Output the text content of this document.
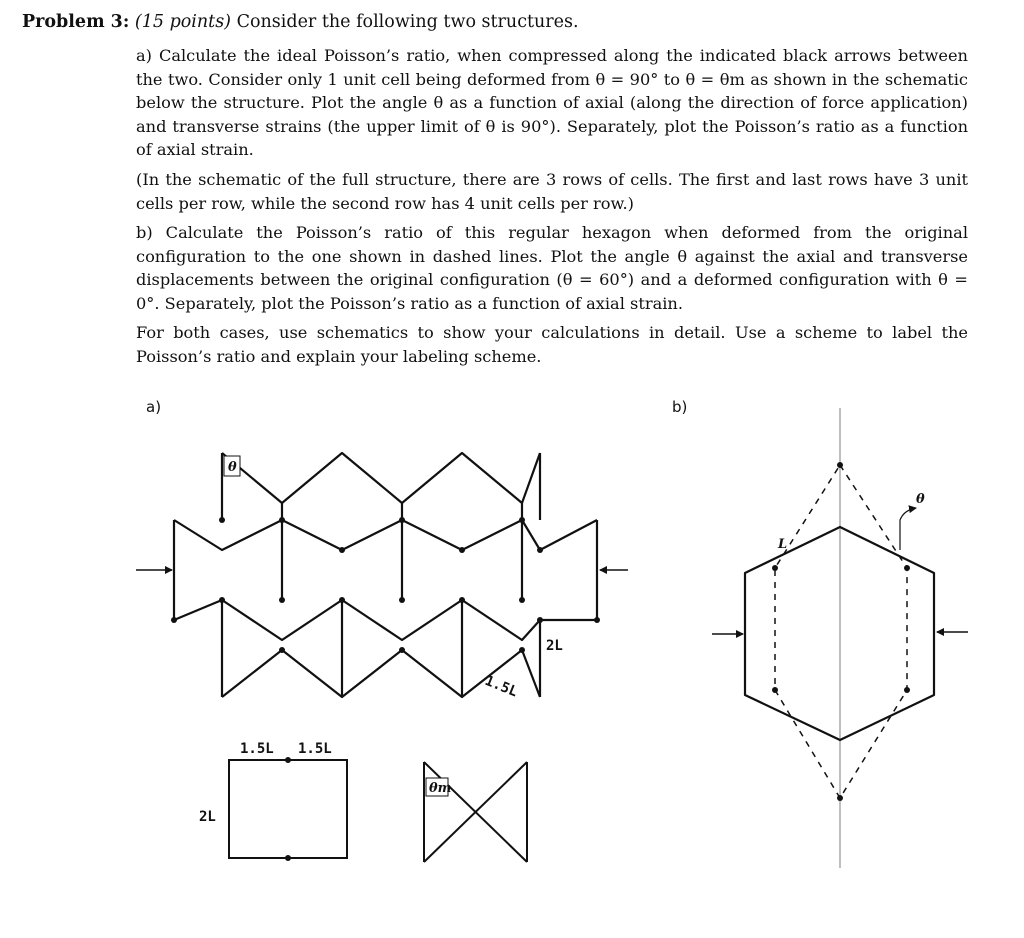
Problem 3: (15 points) Consider the following two structures.

a) Calculate the ideal Poisson’s ratio, when compressed along the indicated black arrows between the two. Consider only 1 unit cell being deformed from θ = 90° to θ = θm as shown in the schematic below the structure. Plot the angle θ as a function of axial (along the direction of force application) and transverse strains (the upper limit of θ is 90°). Separately, plot the Poisson’s ratio as a function of axial strain.

(In the schematic of the full structure, there are 3 rows of cells. The first and last rows have 3 unit cells per row, while the second row has 4 unit cells per row.)

b) Calculate the Poisson’s ratio of this regular hexagon when deformed from the original configuration to the one shown in dashed lines. Plot the angle θ against the axial and transverse displacements between the original configuration (θ = 60°) and a deformed configuration with θ = 0°. Separately, plot the Poisson’s ratio as a function of axial strain.

For both cases, use schematics to show your calculations in detail. Use a scheme to label the Poisson’s ratio and explain your labeling scheme.

a)	b)
θ
2L
1.5L
1.5L 1.5L
2L
θm
θ
L
